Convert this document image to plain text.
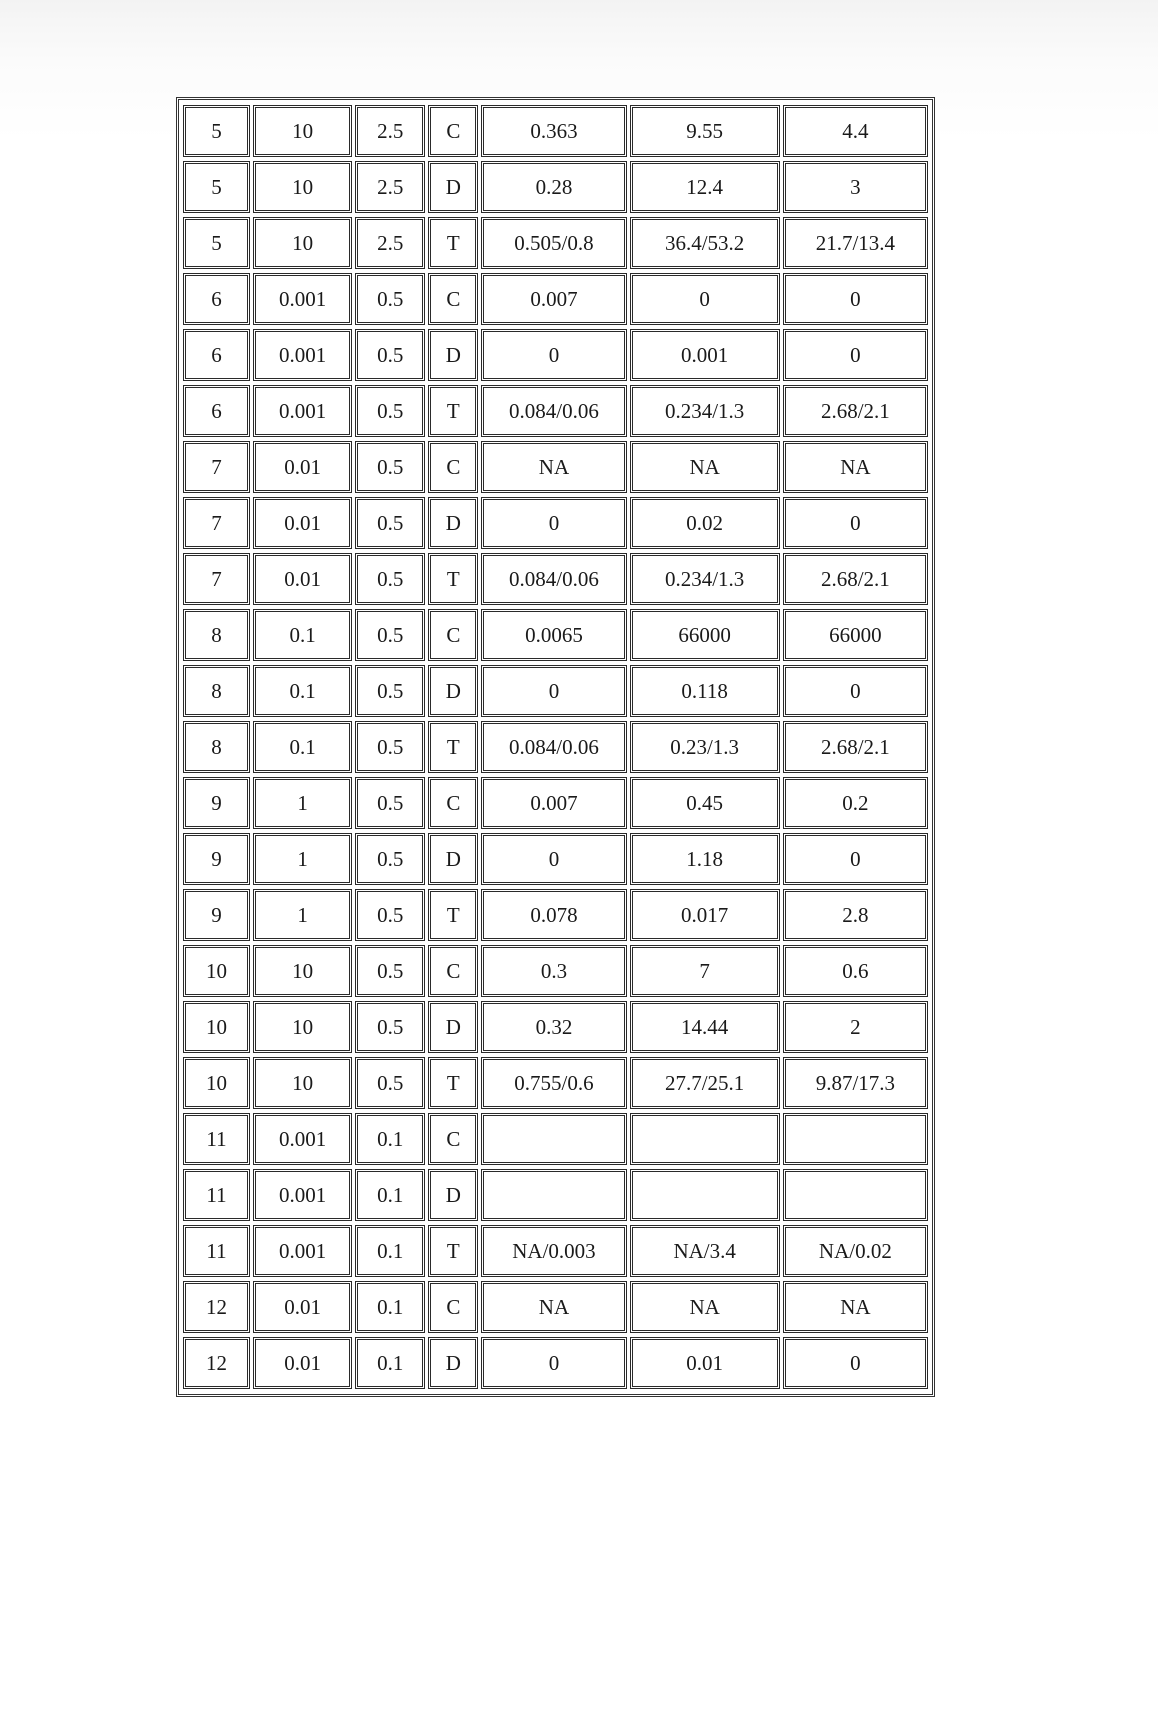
5	10	2.5	C	0.363	9.55	4.4
5	10	2.5	D	0.28	12.4	3
5	10	2.5	T	0.505/0.8	36.4/53.2	21.7/13.4
6	0.001	0.5	C	0.007	0	0
6	0.001	0.5	D	0	0.001	0
6	0.001	0.5	T	0.084/0.06	0.234/1.3	2.68/2.1
7	0.01	0.5	C	NA	NA	NA
7	0.01	0.5	D	0	0.02	0
7	0.01	0.5	T	0.084/0.06	0.234/1.3	2.68/2.1
8	0.1	0.5	C	0.0065	66000	66000
8	0.1	0.5	D	0	0.118	0
8	0.1	0.5	T	0.084/0.06	0.23/1.3	2.68/2.1
9	1	0.5	C	0.007	0.45	0.2
9	1	0.5	D	0	1.18	0
9	1	0.5	T	0.078	0.017	2.8
10	10	0.5	C	0.3	7	0.6
10	10	0.5	D	0.32	14.44	2
10	10	0.5	T	0.755/0.6	27.7/25.1	9.87/17.3
11	0.001	0.1	C			
11	0.001	0.1	D			
11	0.001	0.1	T	NA/0.003	NA/3.4	NA/0.02
12	0.01	0.1	C	NA	NA	NA
12	0.01	0.1	D	0	0.01	0
